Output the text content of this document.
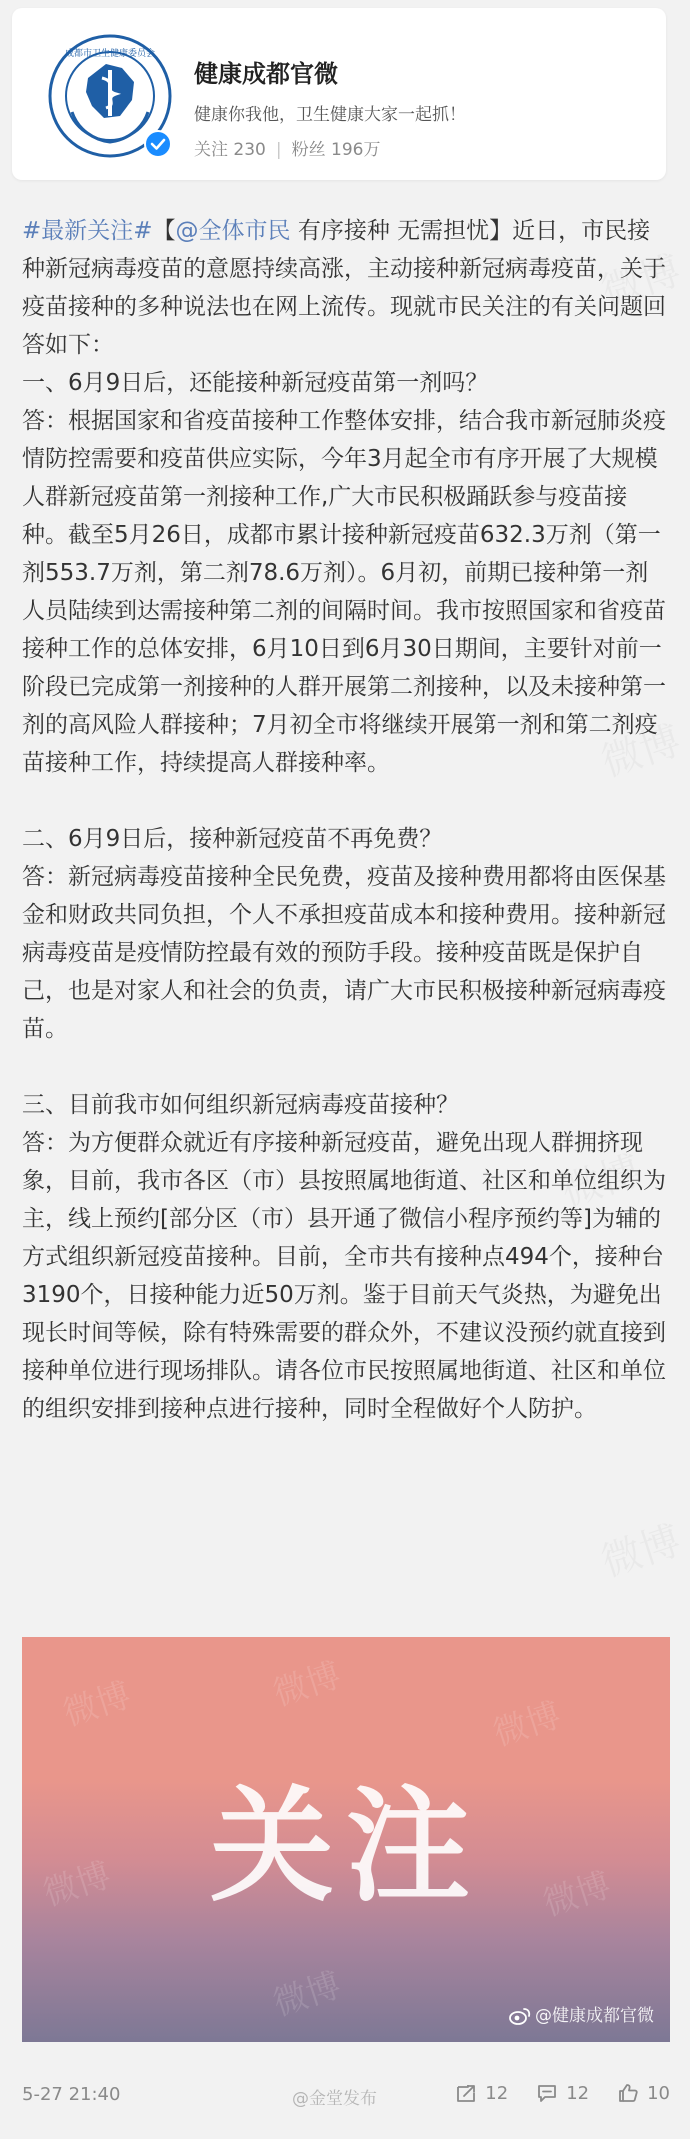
成都市卫生健康委员会
健康成都官微
健康你我他，卫生健康大家一起抓！
关注 230 | 粉丝 196万

#最新关注#【@全体市民 有序接种 无需担忧】近日，市民接种新冠病毒疫苗的意愿持续高涨，主动接种新冠病毒疫苗，关于疫苗接种的多种说法也在网上流传。现就市民关注的有关问题回答如下：

一、6月9日后，还能接种新冠疫苗第一剂吗？

答：根据国家和省疫苗接种工作整体安排，结合我市新冠肺炎疫情防控需要和疫苗供应实际，今年3月起全市有序开展了大规模人群新冠疫苗第一剂接种工作,广大市民积极踊跃参与疫苗接种。截至5月26日，成都市累计接种新冠疫苗632.3万剂（第一剂553.7万剂，第二剂78.6万剂）。6月初，前期已接种第一剂人员陆续到达需接种第二剂的间隔时间。我市按照国家和省疫苗接种工作的总体安排，6月10日到6月30日期间，主要针对前一阶段已完成第一剂接种的人群开展第二剂接种，以及未接种第一剂的高风险人群接种；7月初全市将继续开展第一剂和第二剂疫苗接种工作，持续提高人群接种率。

二、6月9日后，接种新冠疫苗不再免费？

答：新冠病毒疫苗接种全民免费，疫苗及接种费用都将由医保基金和财政共同负担，个人不承担疫苗成本和接种费用。接种新冠病毒疫苗是疫情防控最有效的预防手段。接种疫苗既是保护自己，也是对家人和社会的负责，请广大市民积极接种新冠病毒疫苗。

三、目前我市如何组织新冠病毒疫苗接种？

答：为方便群众就近有序接种新冠疫苗，避免出现人群拥挤现象，目前，我市各区（市）县按照属地街道、社区和单位组织为主，线上预约[部分区（市）县开通了微信小程序预约等]为辅的方式组织新冠疫苗接种。目前，全市共有接种点494个，接种台3190个，日接种能力近50万剂。鉴于目前天气炎热，为避免出现长时间等候，除有特殊需要的群众外，不建议没预约就直接到接种单位进行现场排队。请各位市民按照属地街道、社区和单位的组织安排到接种点进行接种，同时全程做好个人防护。

微博	微博
微博
微博	微博
微博
关注
@健康成都官微
5-27 21:40	@金堂发布	12	12	10
